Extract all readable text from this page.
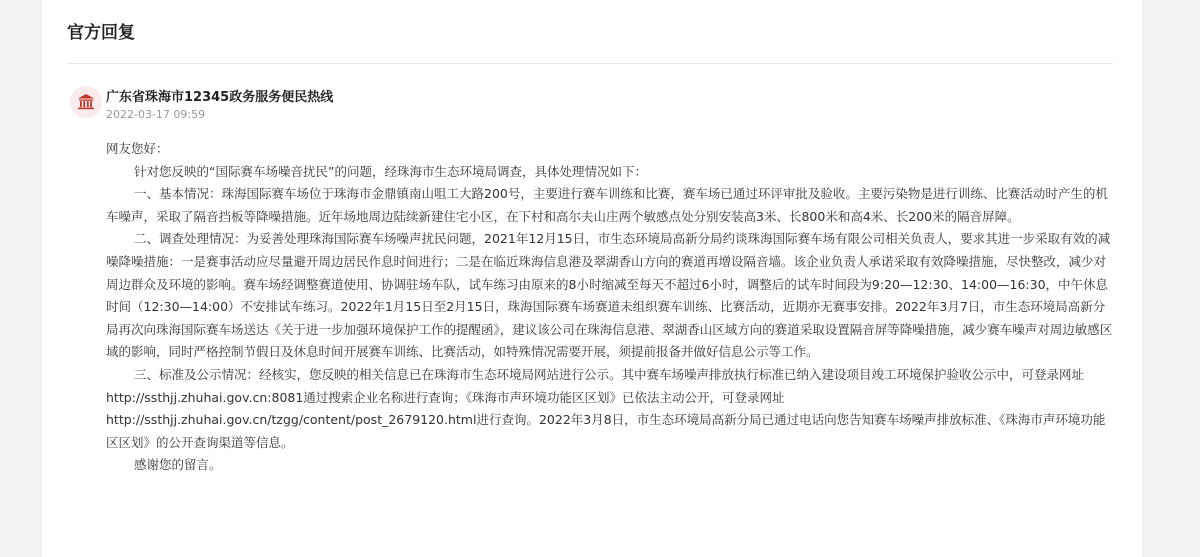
官方回复
广东省珠海市12345政务服务便民热线
2022-03-17 09:59

网友您好：

针对您反映的“国际赛车场噪音扰民”的问题，经珠海市生态环境局调查，具体处理情况如下：

一、基本情况：珠海国际赛车场位于珠海市金鼎镇南山咀工大路200号，主要进行赛车训练和比赛，赛车场已通过环评审批及验收。主要污染物是进行训练、比赛活动时产生的机车噪声，采取了隔音挡板等降噪措施。近年场地周边陆续新建住宅小区，在下村和高尔夫山庄两个敏感点处分别安装高3米、长800米和高4米、长200米的隔音屏障。

二、调查处理情况：为妥善处理珠海国际赛车场噪声扰民问题，2021年12月15日，市生态环境局高新分局约谈珠海国际赛车场有限公司相关负责人，要求其进一步采取有效的减噪降噪措施：一是赛事活动应尽量避开周边居民作息时间进行；二是在临近珠海信息港及翠湖香山方向的赛道再增设隔音墙。该企业负责人承诺采取有效降噪措施，尽快整改，减少对周边群众及环境的影响。赛车场经调整赛道使用、协调驻场车队，试车练习由原来的8小时缩减至每天不超过6小时，调整后的试车时间段为9:20—12:30、14:00—16:30，中午休息时间（12:30—14:00）不安排试车练习。2022年1月15日至2月15日，珠海国际赛车场赛道未组织赛车训练、比赛活动，近期亦无赛事安排。2022年3月7日，市生态环境局高新分局再次向珠海国际赛车场送达《关于进一步加强环境保护工作的提醒函》，建议该公司在珠海信息港、翠湖香山区域方向的赛道采取设置隔音屏等降噪措施，减少赛车噪声对周边敏感区域的影响，同时严格控制节假日及休息时间开展赛车训练、比赛活动，如特殊情况需要开展，须提前报备并做好信息公示等工作。

三、标准及公示情况：经核实，您反映的相关信息已在珠海市生态环境局网站进行公示。其中赛车场噪声排放执行标准已纳入建设项目竣工环境保护验收公示中，可登录网址http://ssthjj.zhuhai.gov.cn:8081通过搜索企业名称进行查询；《珠海市声环境功能区区划》已依法主动公开，可登录网址http://ssthjj.zhuhai.gov.cn/tzgg/content/post_2679120.html进行查询。2022年3月8日，市生态环境局高新分局已通过电话向您告知赛车场噪声排放标准、《珠海市声环境功能区区划》的公开查询渠道等信息。

感谢您的留言。
